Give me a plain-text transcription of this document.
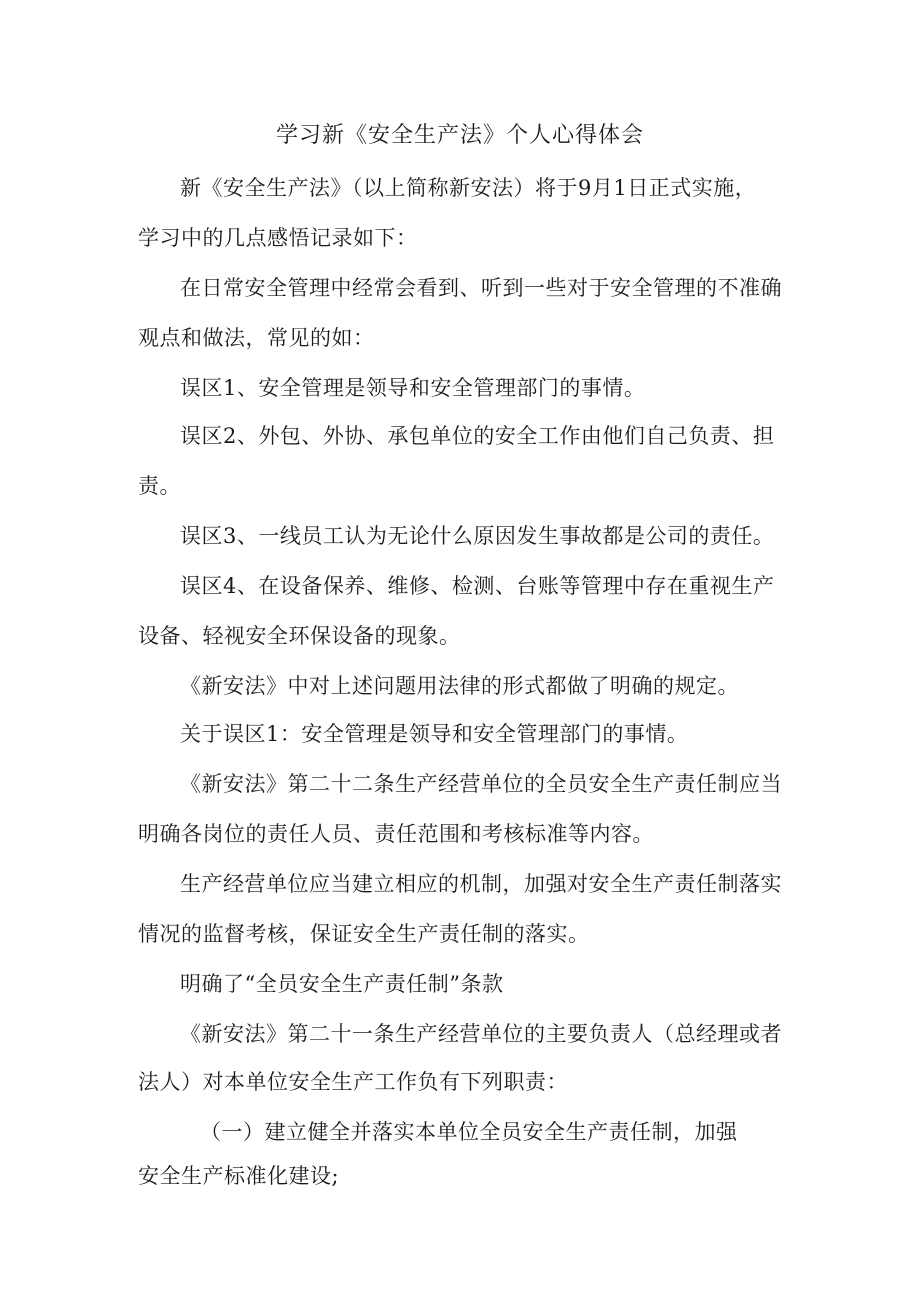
学习新《安全生产法》个人心得体会
新《安全生产法》（以上简称新安法）将于9月1日正式实施，
学习中的几点感悟记录如下：
在日常安全管理中经常会看到、听到一些对于安全管理的不准确
观点和做法，常见的如：
误区1、安全管理是领导和安全管理部门的事情。
误区2、外包、外协、承包单位的安全工作由他们自己负责、担
责。
误区3、一线员工认为无论什么原因发生事故都是公司的责任。
误区4、在设备保养、维修、检测、台账等管理中存在重视生产
设备、轻视安全环保设备的现象。
《新安法》中对上述问题用法律的形式都做了明确的规定。
关于误区1：安全管理是领导和安全管理部门的事情。
《新安法》第二十二条生产经营单位的全员安全生产责任制应当
明确各岗位的责任人员、责任范围和考核标准等内容。
生产经营单位应当建立相应的机制，加强对安全生产责任制落实
情况的监督考核，保证安全生产责任制的落实。
明确了“全员安全生产责任制”条款
《新安法》第二十一条生产经营单位的主要负责人（总经理或者
法人）对本单位安全生产工作负有下列职责：
（一）建立健全并落实本单位全员安全生产责任制，加强
安全生产标准化建设;
